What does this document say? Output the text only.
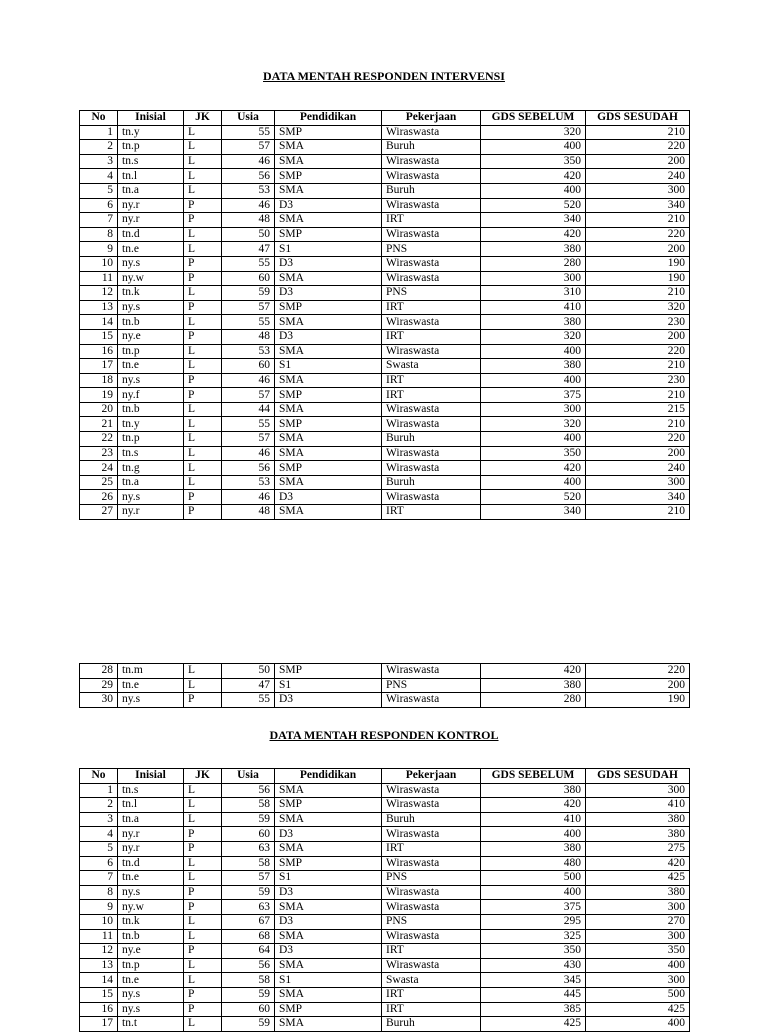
DATA MENTAH RESPONDEN INTERVENSI
No	Inisial	JK	Usia	Pendidikan	Pekerjaan	GDS SEBELUM	GDS SESUDAH
1	tn.y	L	55	SMP	Wiraswasta	320	210
2	tn.p	L	57	SMA	Buruh	400	220
3	tn.s	L	46	SMA	Wiraswasta	350	200
4	tn.l	L	56	SMP	Wiraswasta	420	240
5	tn.a	L	53	SMA	Buruh	400	300
6	ny.r	P	46	D3	Wiraswasta	520	340
7	ny.r	P	48	SMA	IRT	340	210
8	tn.d	L	50	SMP	Wiraswasta	420	220
9	tn.e	L	47	S1	PNS	380	200
10	ny.s	P	55	D3	Wiraswasta	280	190
11	ny.w	P	60	SMA	Wiraswasta	300	190
12	tn.k	L	59	D3	PNS	310	210
13	ny.s	P	57	SMP	IRT	410	320
14	tn.b	L	55	SMA	Wiraswasta	380	230
15	ny.e	P	48	D3	IRT	320	200
16	tn.p	L	53	SMA	Wiraswasta	400	220
17	tn.e	L	60	S1	Swasta	380	210
18	ny.s	P	46	SMA	IRT	400	230
19	ny.f	P	57	SMP	IRT	375	210
20	tn.b	L	44	SMA	Wiraswasta	300	215
21	tn.y	L	55	SMP	Wiraswasta	320	210
22	tn.p	L	57	SMA	Buruh	400	220
23	tn.s	L	46	SMA	Wiraswasta	350	200
24	tn.g	L	56	SMP	Wiraswasta	420	240
25	tn.a	L	53	SMA	Buruh	400	300
26	ny.s	P	46	D3	Wiraswasta	520	340
27	ny.r	P	48	SMA	IRT	340	210
28	tn.m	L	50	SMP	Wiraswasta	420	220
29	tn.e	L	47	S1	PNS	380	200
30	ny.s	P	55	D3	Wiraswasta	280	190
DATA MENTAH RESPONDEN KONTROL
No	Inisial	JK	Usia	Pendidikan	Pekerjaan	GDS SEBELUM	GDS SESUDAH
1	tn.s	L	56	SMA	Wiraswasta	380	300
2	tn.l	L	58	SMP	Wiraswasta	420	410
3	tn.a	L	59	SMA	Buruh	410	380
4	ny.r	P	60	D3	Wiraswasta	400	380
5	ny.r	P	63	SMA	IRT	380	275
6	tn.d	L	58	SMP	Wiraswasta	480	420
7	tn.e	L	57	S1	PNS	500	425
8	ny.s	P	59	D3	Wiraswasta	400	380
9	ny.w	P	63	SMA	Wiraswasta	375	300
10	tn.k	L	67	D3	PNS	295	270
11	tn.b	L	68	SMA	Wiraswasta	325	300
12	ny.e	P	64	D3	IRT	350	350
13	tn.p	L	56	SMA	Wiraswasta	430	400
14	tn.e	L	58	S1	Swasta	345	300
15	ny.s	P	59	SMA	IRT	445	500
16	ny.s	P	60	SMP	IRT	385	425
17	tn.t	L	59	SMA	Buruh	425	400
